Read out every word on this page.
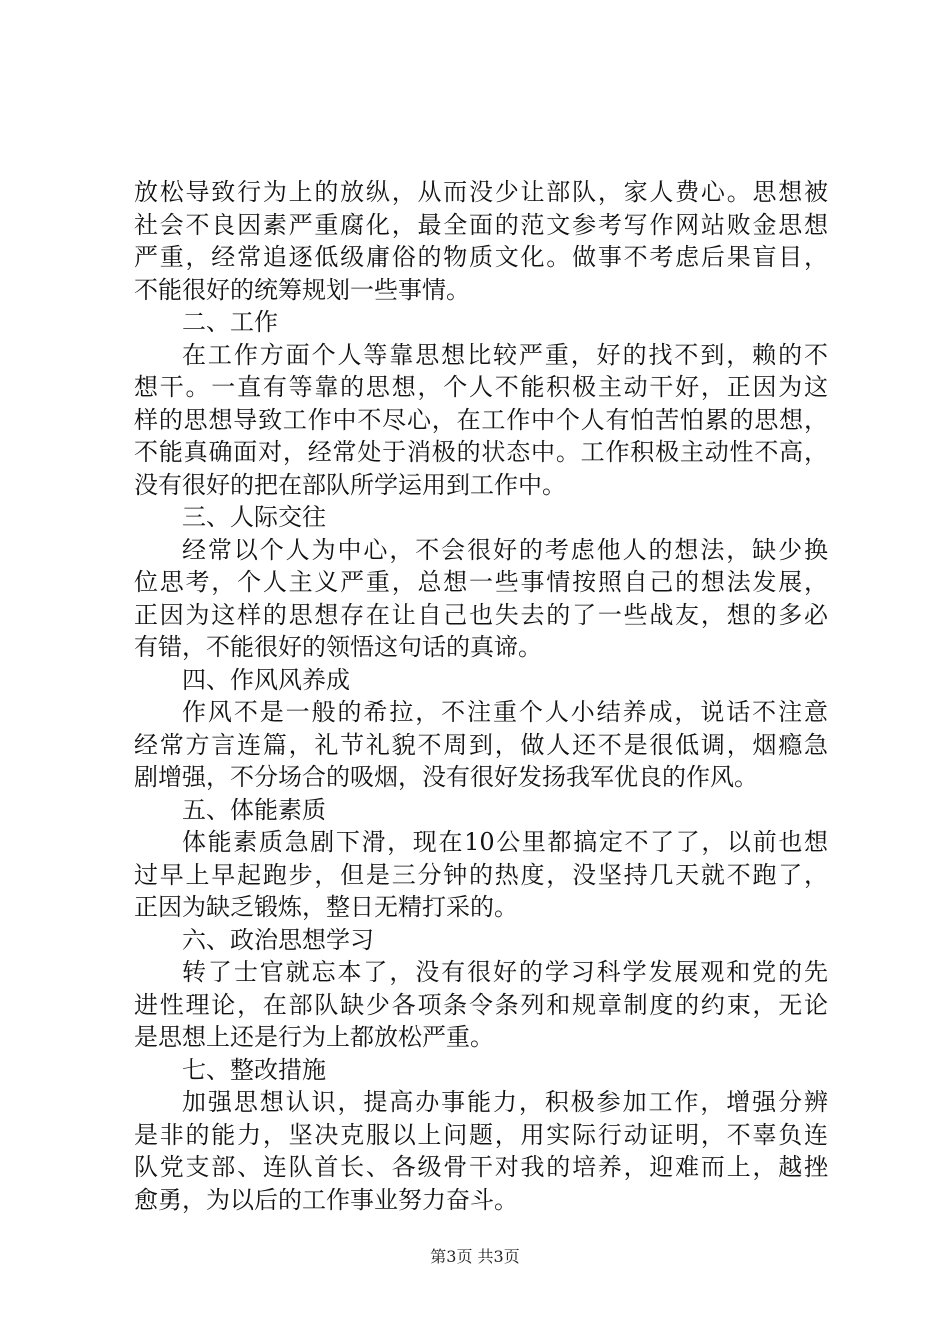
放松导致行为上的放纵，从而没少让部队，家人费心。思想被
社会不良因素严重腐化，最全面的范文参考写作网站败金思想
严重，经常追逐低级庸俗的物质文化。做事不考虑后果盲目，
不能很好的统筹规划一些事情。
二、工作
在工作方面个人等靠思想比较严重，好的找不到，赖的不
想干。一直有等靠的思想，个人不能积极主动干好，正因为这
样的思想导致工作中不尽心，在工作中个人有怕苦怕累的思想，
不能真确面对，经常处于消极的状态中。工作积极主动性不高，
没有很好的把在部队所学运用到工作中。
三、人际交往
经常以个人为中心，不会很好的考虑他人的想法，缺少换
位思考，个人主义严重，总想一些事情按照自己的想法发展，
正因为这样的思想存在让自己也失去的了一些战友，想的多必
有错，不能很好的领悟这句话的真谛。
四、作风风养成
作风不是一般的希拉，不注重个人小结养成，说话不注意
经常方言连篇，礼节礼貌不周到，做人还不是很低调，烟瘾急
剧增强，不分场合的吸烟，没有很好发扬我军优良的作风。
五、体能素质
体能素质急剧下滑，现在10公里都搞定不了了，以前也想
过早上早起跑步，但是三分钟的热度，没坚持几天就不跑了，
正因为缺乏锻炼，整日无精打采的。
六、政治思想学习
转了士官就忘本了，没有很好的学习科学发展观和党的先
进性理论，在部队缺少各项条令条列和规章制度的约束，无论
是思想上还是行为上都放松严重。
七、整改措施
加强思想认识，提高办事能力，积极参加工作，增强分辨
是非的能力，坚决克服以上问题，用实际行动证明，不辜负连
队党支部、连队首长、各级骨干对我的培养，迎难而上，越挫
愈勇，为以后的工作事业努力奋斗。
第3页 共3页
